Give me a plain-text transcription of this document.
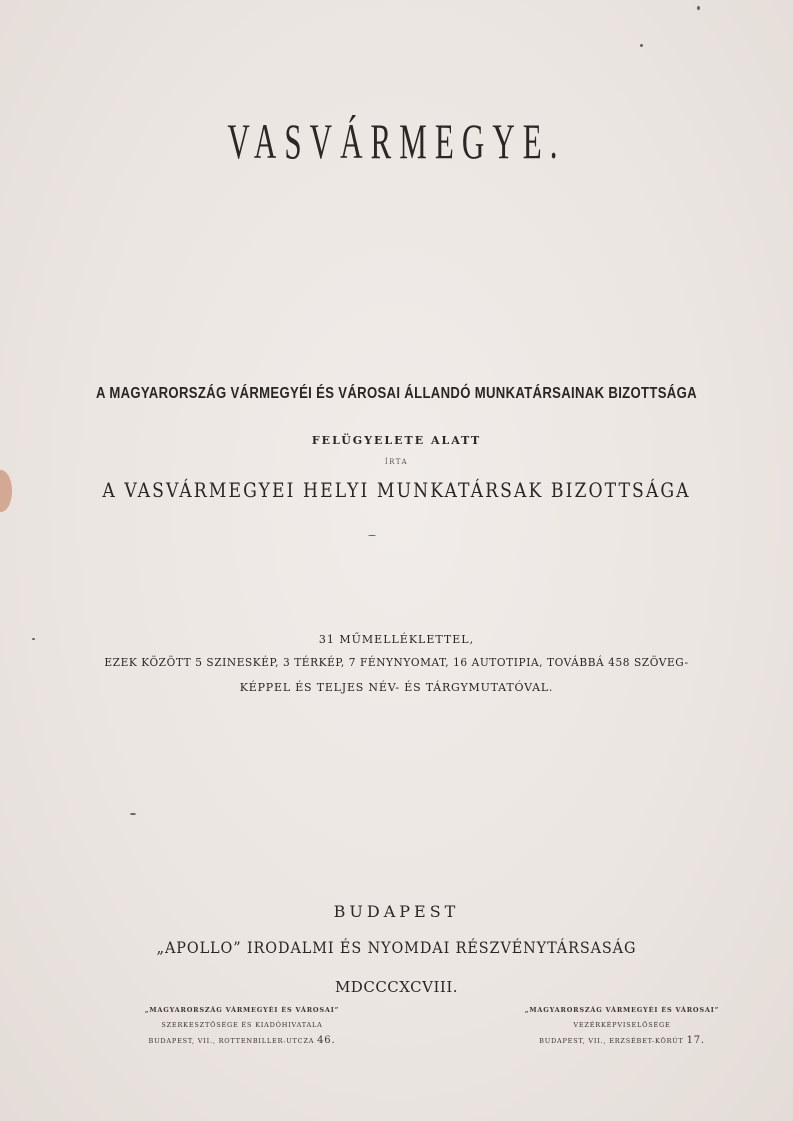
VASVÁRMEGYE.
A MAGYARORSZÁG VÁRMEGYÉI ÉS VÁROSAI ÁLLANDÓ MUNKATÁRSAINAK BIZOTTSÁGA
FELÜGYELETE ALATT
ÍRTA
A VASVÁRMEGYEI HELYI MUNKATÁRSAK BIZOTTSÁGA
31 MŰMELLÉKLETTEL,
EZEK KÖZÖTT 5 SZINESKÉP, 3 TÉRKÉP, 7 FÉNYNYOMAT, 16 AUTOTIPIA, TOVÁBBÁ 458 SZÖVEG-
KÉPPEL ÉS TELJES NÉV- ÉS TÁRGYMUTATÓVAL.
BUDAPEST
„APOLLO” IRODALMI ÉS NYOMDAI RÉSZVÉNYTÁRSASÁG
MDCCCXCVIII.
„MAGYARORSZÁG VÁRMEGYÉI ÉS VÁROSAI”
SZERKESZTŐSÉGE ÉS KIADÓHIVATALA
BUDAPEST, VII., ROTTENBILLER-UTCZA 46.
„MAGYARORSZÁG VÁRMEGYÉI ÉS VÁROSAI”
VEZÉRKÉPVISELŐSÉGE
BUDAPEST, VII., ERZSÉBET-KÖRÚT 17.
